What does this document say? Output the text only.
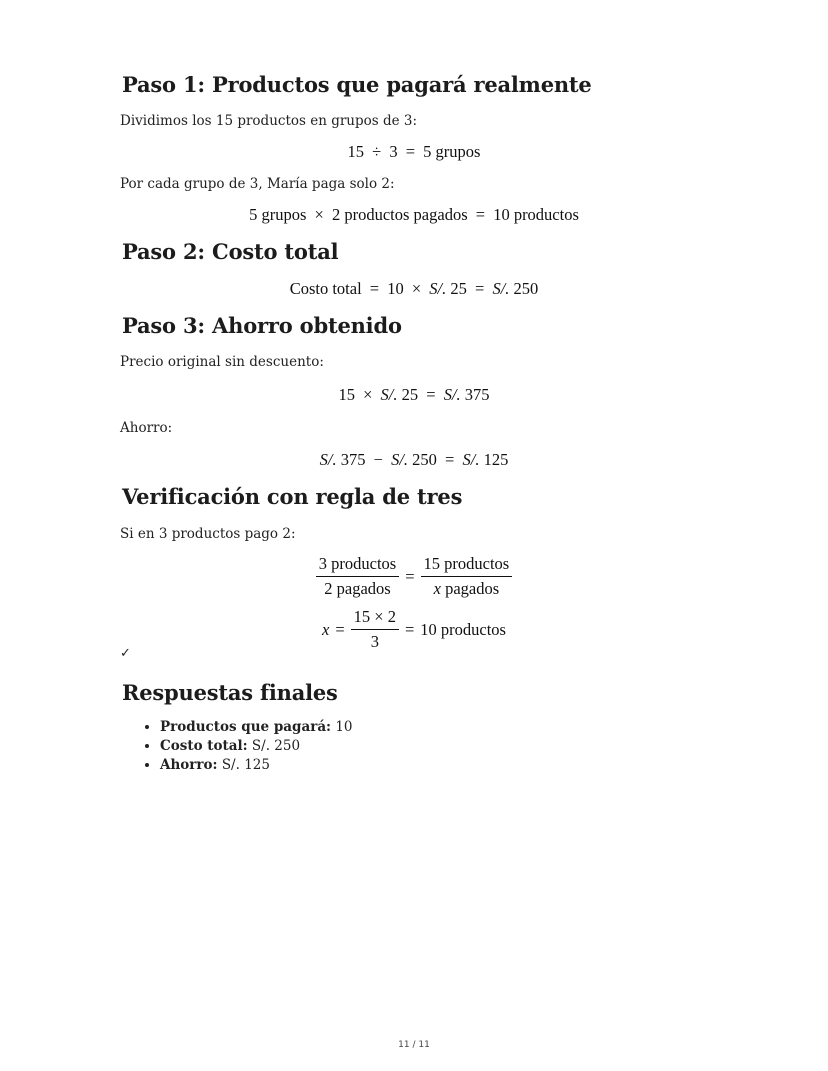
Paso 1: Productos que pagará realmente

Dividimos los 15 productos en grupos de 3:

15 ÷ 3 = 5 grupos

Por cada grupo de 3, María paga solo 2:

5 grupos × 2 productos pagados = 10 productos
Paso 2: Costo total
Costo total = 10 × S/. 25 = S/. 250
Paso 3: Ahorro obtenido

Precio original sin descuento:

15 × S/. 25 = S/. 375

Ahorro:

S/. 375 − S/. 250 = S/. 125
Verificación con regla de tres

Si en 3 productos pago 2:

$\frac{\text{3 productos}}{\text{2 pagados}} = \frac{\text{15 productos}}{\text{x pagados}}$
$x = \frac{15 \times 2}{3} = 10$ productos
✓
Respuestas finales
• Productos que pagará: 10
• Costo total: S/. 250
• Ahorro: S/. 125
11 / 11
